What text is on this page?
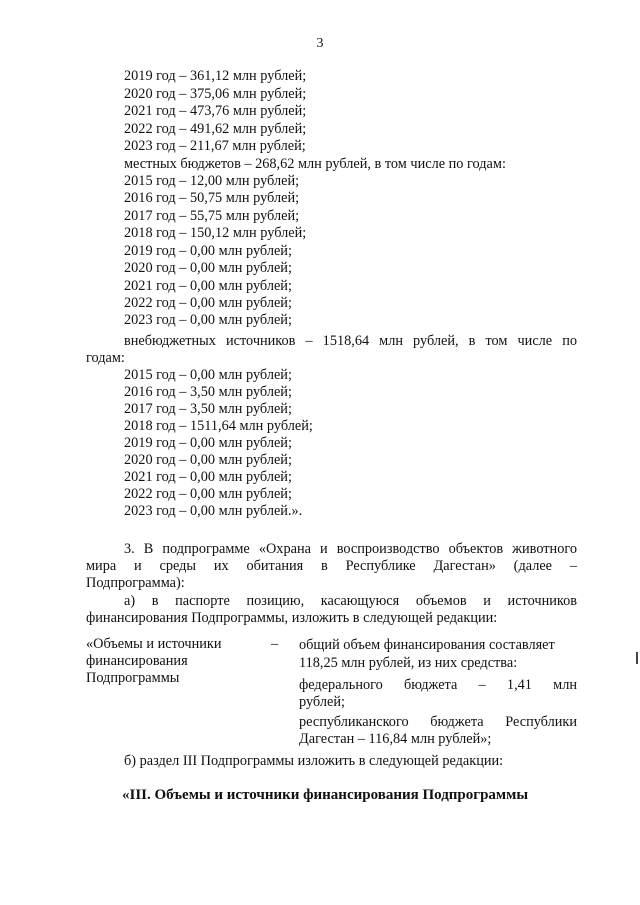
3
2019 год – 361,12 млн рублей;
2020 год – 375,06 млн рублей;
2021 год – 473,76 млн рублей;
2022 год – 491,62 млн рублей;
2023 год – 211,67 млн рублей;
местных бюджетов – 268,62 млн рублей, в том числе по годам:
2015 год – 12,00 млн рублей;
2016 год – 50,75 млн рублей;
2017 год – 55,75 млн рублей;
2018 год – 150,12 млн рублей;
2019 год – 0,00 млн рублей;
2020 год – 0,00 млн рублей;
2021 год – 0,00 млн рублей;
2022 год – 0,00 млн рублей;
2023 год – 0,00 млн рублей;
внебюджетных источников – 1518,64 млн рублей, в том числе по
годам:
2015 год – 0,00 млн рублей;
2016 год – 3,50 млн рублей;
2017 год – 3,50 млн рублей;
2018 год – 1511,64 млн рублей;
2019 год – 0,00 млн рублей;
2020 год – 0,00 млн рублей;
2021 год – 0,00 млн рублей;
2022 год – 0,00 млн рублей;
2023 год – 0,00 млн рублей.».
3. В подпрограмме «Охрана и воспроизводство объектов животного
мира и среды их обитания в Республике Дагестан» (далее –
Подпрограмма):
а) в паспорте позицию, касающуюся объемов и источников
финансирования Подпрограммы, изложить в следующей редакции:
«Объемы и источники
финансирования
Подпрограммы
– общий объем финансирования составляет
118,25 млн рублей, из них средства:
федерального бюджета – 1,41 млн
рублей;
республиканского бюджета Республики
Дагестан – 116,84 млн рублей»;
б) раздел III Подпрограммы изложить в следующей редакции:
«III. Объемы и источники финансирования Подпрограммы
